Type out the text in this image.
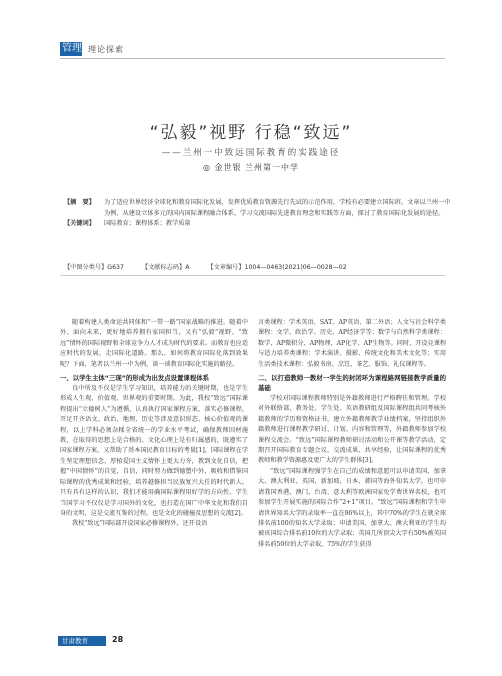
管理 理论探索
“弘毅”视野 行稳“致远”
——兰州一中致远国际教育的实践途径
◎ 金世银 兰州第一中学
【摘　要】 为了适应世界经济全球化和教育国际化发展，发挥优质教育资源先行先试的示范作用，学校有必要建立国际班。文章以兰州一中为例，从建设立体多元的国内国际课程融合体系、学习交流国际先进教育理念和实践等方面，探讨了教育国际化发展的途径。
【关键词】 国际教育；课程体系；教学质量
【中图分类号】G637	【文献标志码】A	【文章编号】1004—0463(2021)06—0028—02

随着构建人类命运共同体和“一带一路”国家战略的推进，随着中外、面向未来，更好地培养拥有家国担当，又有“弘毅”视野、“致远”情怀的国际视野和全球竞争力人才成为时代的要求。而教育也应适应时代的发展，走国际化道路。那么，如何将教育国际化落到效果呢？下面，笔者以兰州一中为例，谈一谈教育国际化实施的路径。

一、以学生主体“三现”的形成为出发点设置课程体系

良中所及不仅是学生学习知识，培养能力的关键时期，也是学生形成人生观、价值观、世界观的重要时期。为此，我校“致远”国际课程提出“立德树人”为遵循，认真执行国家课程方案，落实必修课程，开足开齐语文、政治、地理、历史等涉及意识形态、核心价值观的课程，以上学科必须杂糅全省统一的学业水平考试，确保教师因材施教，在取得的思想上是合格的、文化心理上是有归属感的，既遵实了国家课程方案，又帮助了基本国民教育目标的考量[1]，国际课程在学生坚定理想信念、厚植爱国主义情怀上更大力夯，教到文化自信，把握“中国情怀”的自觉，自信，同时努力做到德塑中外，吸收和借鉴国际课程的优秀成果和经验，培养越修担当民族复兴大任的时代新人。只有具有这样的认识，我们才能用确国际课程用好学的方向性。学生当国学习不仅仅是学习国外的文化，也打造在国广中华文化和我们自身的文明，这是交流互鉴的过程，也是文化的碰撞及思想的交流[2]。

我校“致远”国际部开设国家必修课程外，还开设语

言类课程：学术英语、SAT、AP英语、第二外语；人文与社会科学类课程：文学、政治学、历史、AP经济学等；数学与自然科学类课程：数学、AP微积分、AP物理、AP化学、AP生物等。同时，开设竞课程与适力培养类课程：学术演讲、摄影、传统文化和美术文化等；实用生活类技术课程：弘毅书房、烹饪、茶艺、服饰、礼仪课程等。

二、以打造教师一教材一学生的封闭环为课程路网链接教学质量的基础

学校对国际课程教师特别是外籍教师进行严格聘任和管理。学校对外联络部、教务处、学生处、英语教研组及国际课程组共同考核外籍教师的学历和资格证书，建立外籍教师教学业绩档案，坚持组织外籍教师进行课程教学研讨、计划、内容和管理等，外籍教师参加学校课程交流会。“致远”国际课程教师研讨活动和公开课等教学活动，定期召开国际教育专题会议，交流成果、共享经验，让国际课程的优秀教师和教学资源惠及更广大的学生群体[3]。

“致远”国际课程强学生在自己的成绩和意愿可以申请美国、加拿大、澳大利亚、英国、新加坡、日本、韩国等海外知名大学，也可申请我国香港、澳门、台湾、意大利等欧洲国家免学费世界名校，也可参加学生开展实施的国际合作“2+1”项目。“致远”国际课程和学生申请世界知名大学的录取率一直在96%以上，其中70%的学生在就全球排名前100的知名大学录取；申请美国、加拿大、澳大利亚的学生均被该国综合排名前10位的大学录取；英国几所顶尖大学有50%被英国排名前50位的大学录取，75%的学生获得

甘肃教育	28
